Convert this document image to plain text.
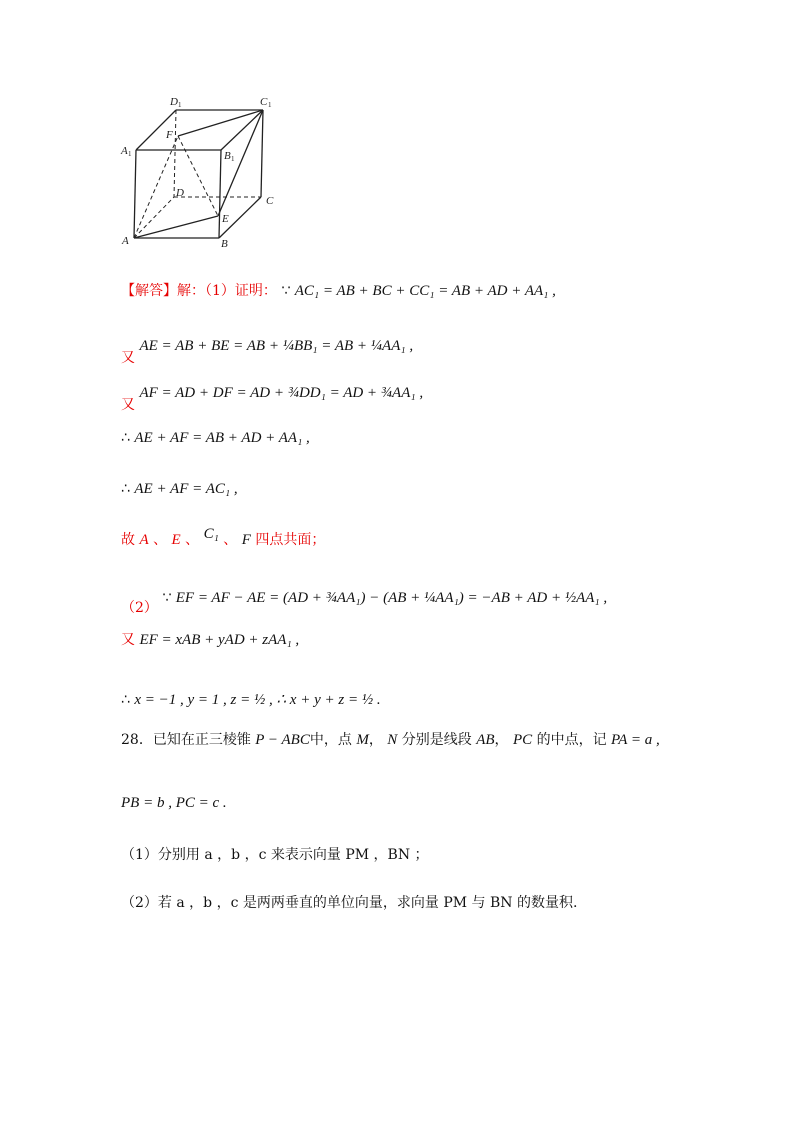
D 1	C 1
A 1	B 1
F
D
C
E
A	B
【解答】解：（1）证明： ∵ AC₁ = AB + BC + CC₁ = AB + AD + AA₁ ,
又 AE = AB + BE = AB + ¼BB₁ = AB + ¼AA₁ ,
又 AF = AD + DF = AD + ¾DD₁ = AD + ¾AA₁ ,
∴ AE + AF = AB + AD + AA₁ ,
∴ AE + AF = AC₁ ,
故 A 、 E 、 C₁ 、 F 四点共面；
（2） ∵ EF = AF − AE = (AD + ¾AA₁) − (AB + ¼AA₁) = −AB + AD + ½AA₁ ,
又 EF = xAB + yAD + zAA₁ ,
∴ x = −1 , y = 1 , z = ½ , ∴ x + y + z = ½ .
28．已知在正三棱锥 P − ABC中，点 M， N 分别是线段 AB， PC 的中点，记 PA = a ,
PB = b , PC = c .
（1）分别用 a ，b ，c 来表示向量 PM ，BN ；
（2）若 a ，b ，c 是两两垂直的单位向量，求向量 PM 与 BN 的数量积.
